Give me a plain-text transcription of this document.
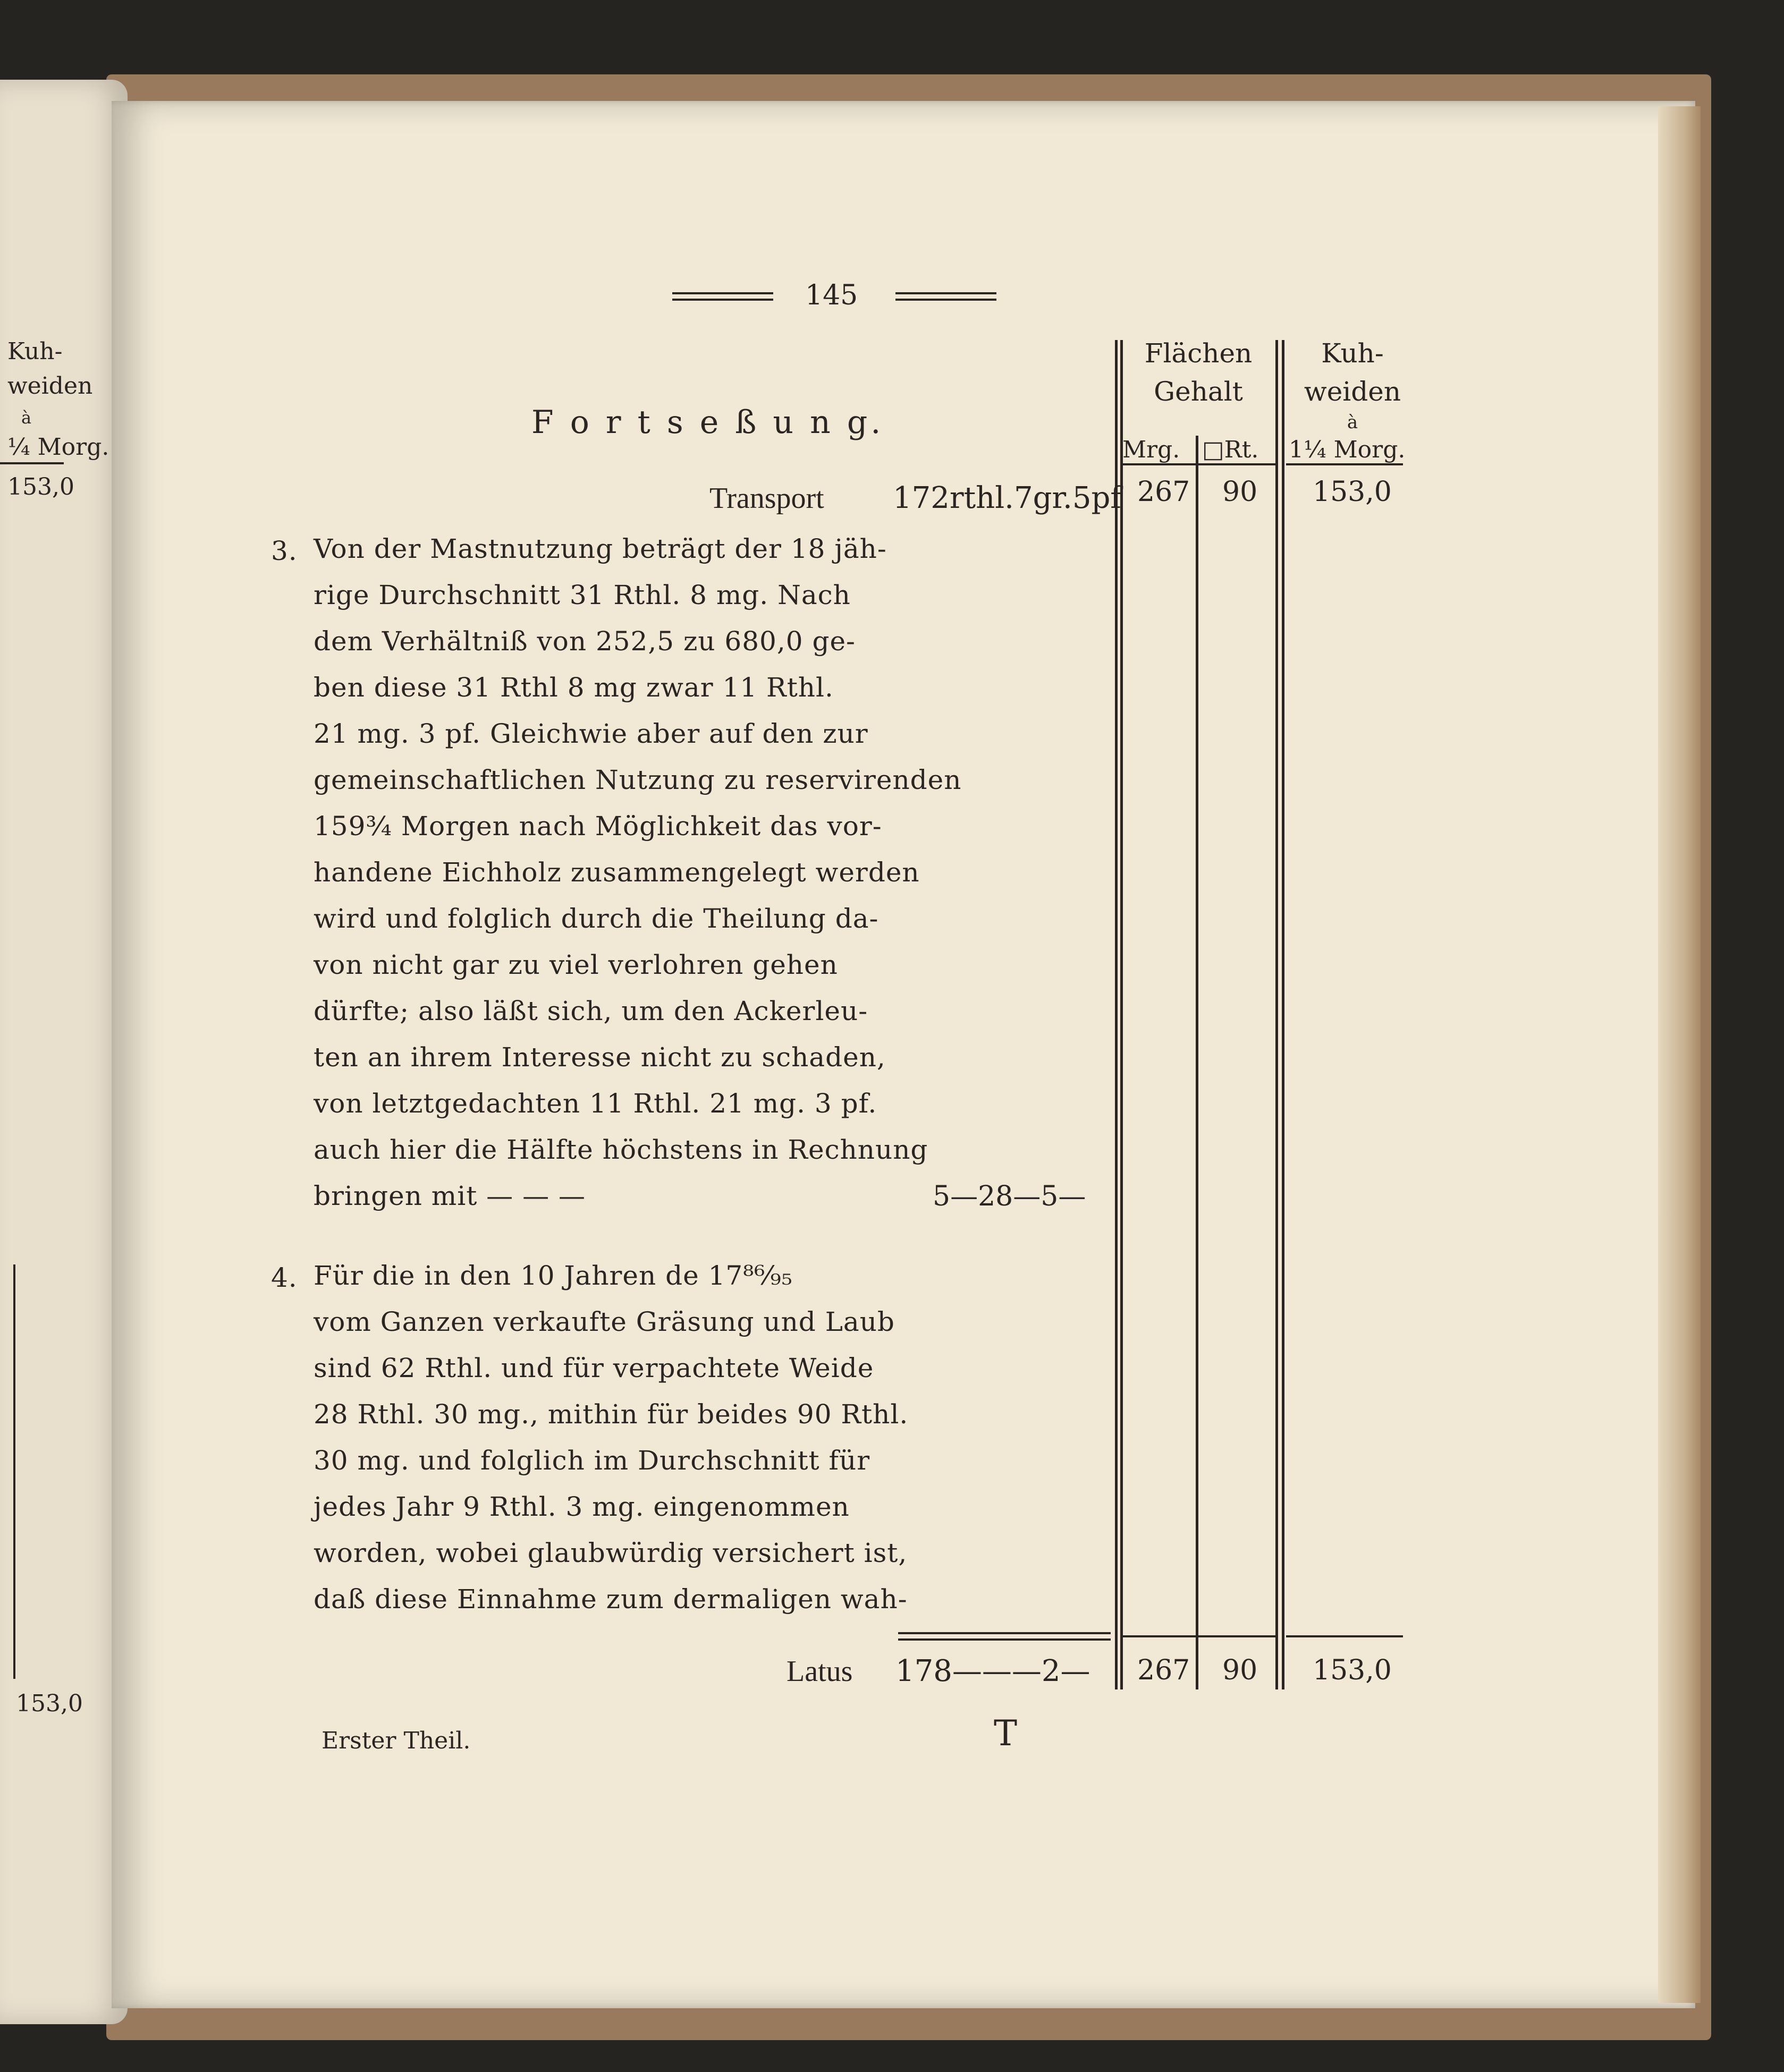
Kuh-
weiden
à
¼ Morg.
153,0
153,0
145
Flächen
Gehalt
Mrg. □Rt.
Kuh-
weiden
à
1¼ Morg.
F o r t s e ß u n g.
Transport 172rthl.7gr.5pf 267 90 153,0
3. Von der Mastnutzung beträgt der 18 jäh-
rige Durchschnitt 31 Rthl. 8 mg. Nach
dem Verhältniß von 252,5 zu 680,0 ge-
ben diese 31 Rthl 8 mg zwar 11 Rthl.
21 mg. 3 pf. Gleichwie aber auf den zur
gemeinschaftlichen Nutzung zu reservirenden
159¾ Morgen nach Möglichkeit das vor-
handene Eichholz zusammengelegt werden
wird und folglich durch die Theilung da-
von nicht gar zu viel verlohren gehen
dürfte; also läßt sich, um den Ackerleu-
ten an ihrem Interesse nicht zu schaden,
von letztgedachten 11 Rthl. 21 mg. 3 pf.
auch hier die Hälfte höchstens in Rechnung
bringen mit — — —	5—28—5—
4. Für die in den 10 Jahren de 17⁸⁶⁄₉₅
vom Ganzen verkaufte Gräsung und Laub
sind 62 Rthl. und für verpachtete Weide
28 Rthl. 30 mg., mithin für beides 90 Rthl.
30 mg. und folglich im Durchschnitt für
jedes Jahr 9 Rthl. 3 mg. eingenommen
worden, wobei glaubwürdig versichert ist,
daß diese Einnahme zum dermaligen wah-
Latus 178———2— 267 90 153,0
Erster Theil.	T
